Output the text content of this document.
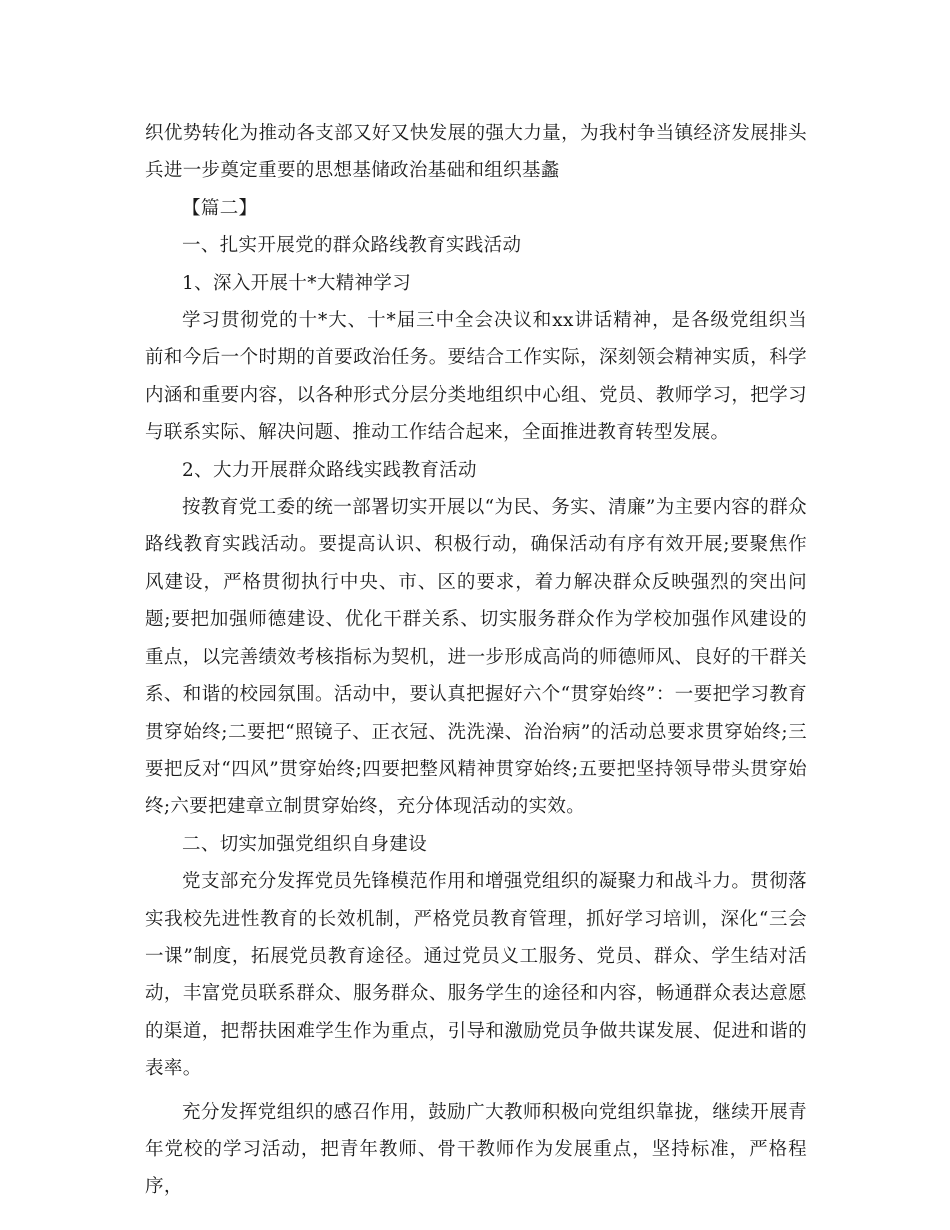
织优势转化为推动各支部又好又快发展的强大力量，为我村争当镇经济发展排头兵进一步奠定重要的思想基储政治基础和组织基蠡

【篇二】

一、扎实开展党的群众路线教育实践活动

1、深入开展十*大精神学习

学习贯彻党的十*大、十*届三中全会决议和xx讲话精神，是各级党组织当前和今后一个时期的首要政治任务。要结合工作实际，深刻领会精神实质，科学内涵和重要内容，以各种形式分层分类地组织中心组、党员、教师学习，把学习与联系实际、解决问题、推动工作结合起来，全面推进教育转型发展。

2、大力开展群众路线实践教育活动

按教育党工委的统一部署切实开展以“为民、务实、清廉”为主要内容的群众路线教育实践活动。要提高认识、积极行动，确保活动有序有效开展;要聚焦作风建设，严格贯彻执行中央、市、区的要求，着力解决群众反映强烈的突出问题;要把加强师德建设、优化干群关系、切实服务群众作为学校加强作风建设的重点，以完善绩效考核指标为契机，进一步形成高尚的师德师风、良好的干群关系、和谐的校园氛围。活动中，要认真把握好六个“贯穿始终”：一要把学习教育贯穿始终;二要把“照镜子、正衣冠、洗洗澡、治治病”的活动总要求贯穿始终;三要把反对“四风”贯穿始终;四要把整风精神贯穿始终;五要把坚持领导带头贯穿始终;六要把建章立制贯穿始终，充分体现活动的实效。

二、切实加强党组织自身建设

党支部充分发挥党员先锋模范作用和增强党组织的凝聚力和战斗力。贯彻落实我校先进性教育的长效机制，严格党员教育管理，抓好学习培训，深化“三会一课”制度，拓展党员教育途径。通过党员义工服务、党员、群众、学生结对活动，丰富党员联系群众、服务群众、服务学生的途径和内容，畅通群众表达意愿的渠道，把帮扶困难学生作为重点，引导和激励党员争做共谋发展、促进和谐的表率。

充分发挥党组织的感召作用，鼓励广大教师积极向党组织靠拢，继续开展青年党校的学习活动，把青年教师、骨干教师作为发展重点，坚持标准，严格程序，
